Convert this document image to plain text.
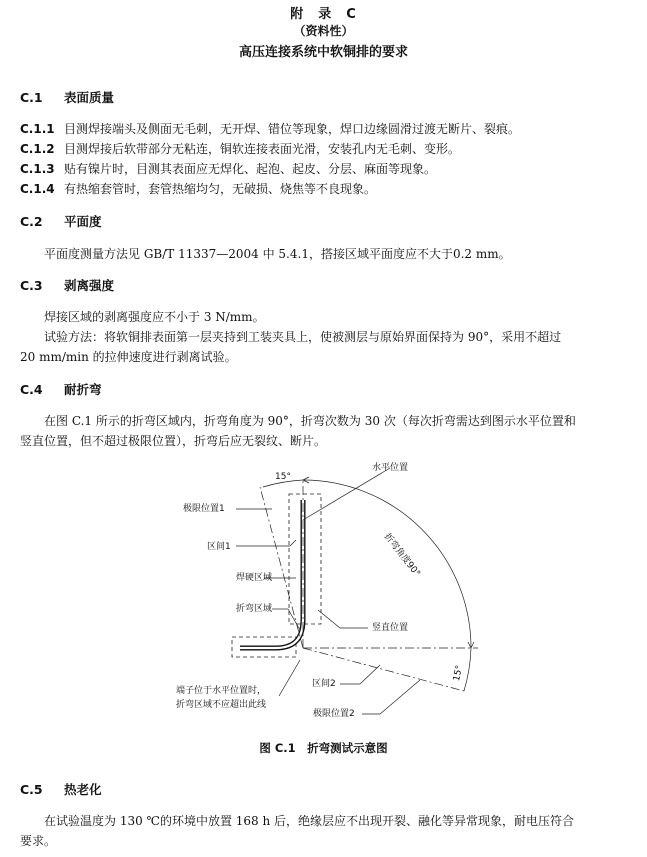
附　录　C
（资料性）
高压连接系统中软铜排的要求
C.1 表面质量
C.1.1 目测焊接端头及侧面无毛刺，无开焊、错位等现象，焊口边缘圆滑过渡无断片、裂痕。
C.1.2 目测焊接后软带部分无粘连，铜软连接表面光滑，安装孔内无毛刺、变形。
C.1.3 贴有镍片时，目测其表面应无焊化、起泡、起皮、分层、麻面等现象。
C.1.4 有热缩套管时，套管热缩均匀，无破损、烧焦等不良现象。
C.2 平面度
平面度测量方法见 GB/T 11337—2004 中 5.4.1，搭接区域平面度应不大于0.2 mm。
C.3 剥离强度
焊接区域的剥离强度应不小于 3 N/mm。
试验方法：将软铜排表面第一层夹持到工装夹具上，使被测层与原始界面保持为 90°，采用不超过
20 mm/min 的拉伸速度进行剥离试验。
C.4 耐折弯
在图 C.1 所示的折弯区域内，折弯角度为 90°，折弯次数为 30 次（每次折弯需达到图示水平位置和
竖直位置，但不超过极限位置），折弯后应无裂纹、断片。
水平位置
15°
极限位置1
区间1
焊硬区域
折弯区域
竖直位置
区间2
极限位置2
端子位于水平位置时，
折弯区域不应超出此线
折弯角度90°
15°
图 C.1　折弯测试示意图
C.5 热老化
在试验温度为 130 ℃的环境中放置 168 h 后，绝缘层应不出现开裂、融化等异常现象，耐电压符合
要求。
